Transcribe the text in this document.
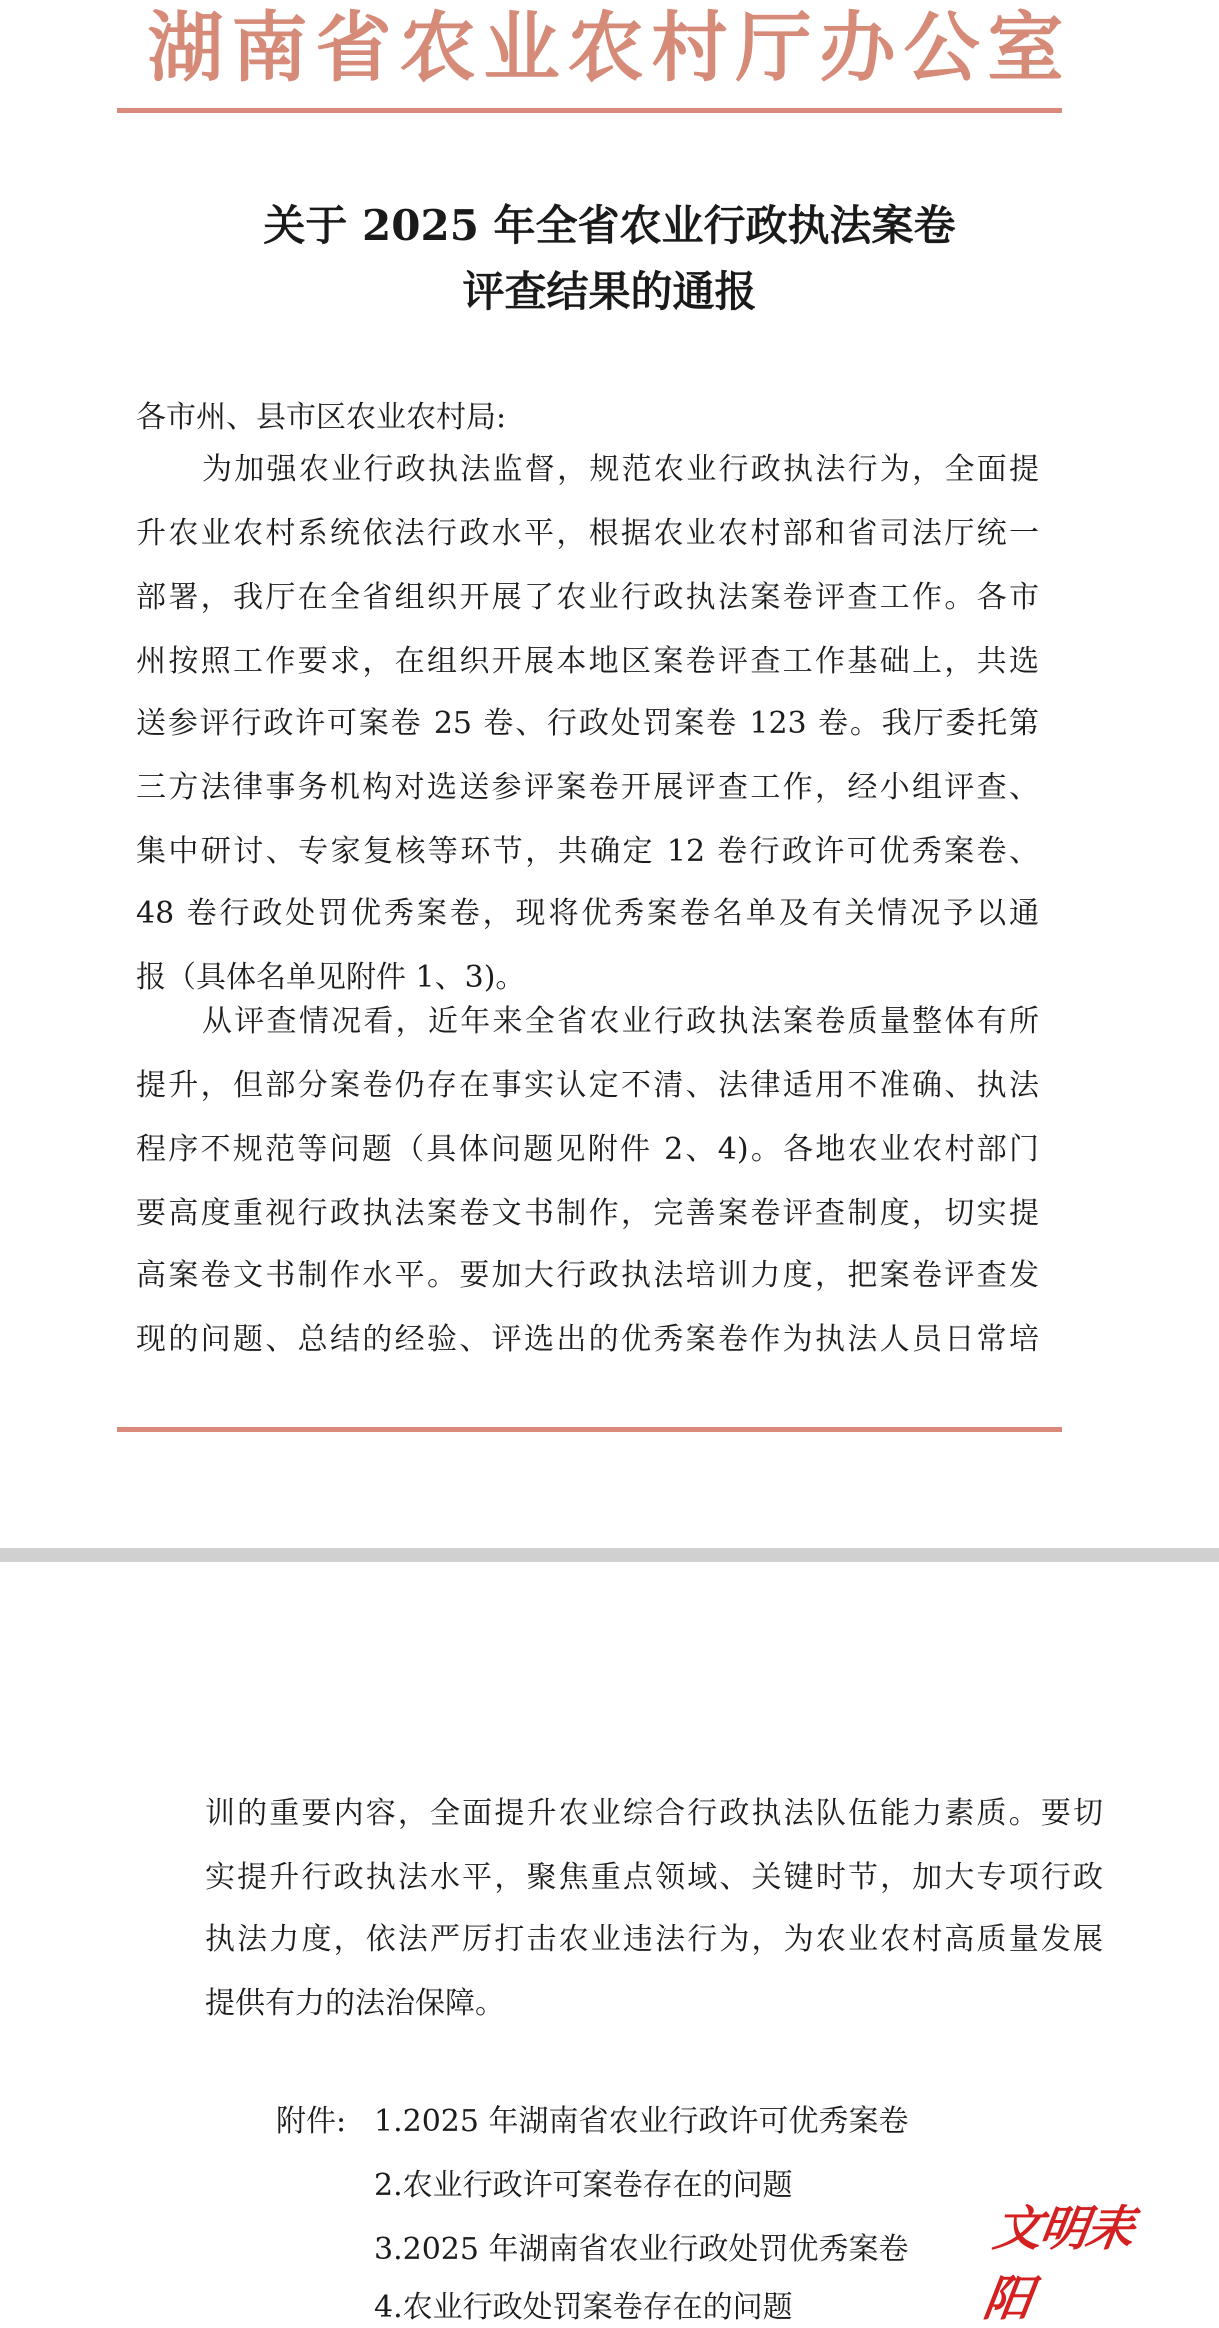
湖南省农业农村厅办公室
关于 2025 年全省农业行政执法案卷
评查结果的通报
各市州、县市区农业农村局:
为加强农业行政执法监督，规范农业行政执法行为，全面提
升农业农村系统依法行政水平，根据农业农村部和省司法厅统一
部署，我厅在全省组织开展了农业行政执法案卷评查工作。各市
州按照工作要求，在组织开展本地区案卷评查工作基础上，共选
送参评行政许可案卷 25 卷、行政处罚案卷 123 卷。我厅委托第
三方法律事务机构对选送参评案卷开展评查工作，经小组评查、
集中研讨、专家复核等环节，共确定 12 卷行政许可优秀案卷、
48 卷行政处罚优秀案卷，现将优秀案卷名单及有关情况予以通
报（具体名单见附件 1、3)。
从评查情况看，近年来全省农业行政执法案卷质量整体有所
提升，但部分案卷仍存在事实认定不清、法律适用不准确、执法
程序不规范等问题（具体问题见附件 2、4)。各地农业农村部门
要高度重视行政执法案卷文书制作，完善案卷评查制度，切实提
高案卷文书制作水平。要加大行政执法培训力度，把案卷评查发
现的问题、总结的经验、评选出的优秀案卷作为执法人员日常培
训的重要内容，全面提升农业综合行政执法队伍能力素质。要切
实提升行政执法水平，聚焦重点领域、关键时节，加大专项行政
执法力度，依法严厉打击农业违法行为，为农业农村高质量发展
提供有力的法治保障。
附件: 1.2025 年湖南省农业行政许可优秀案卷
2.农业行政许可案卷存在的问题
3.2025 年湖南省农业行政处罚优秀案卷
4.农业行政处罚案卷存在的问题
文明耒阳
